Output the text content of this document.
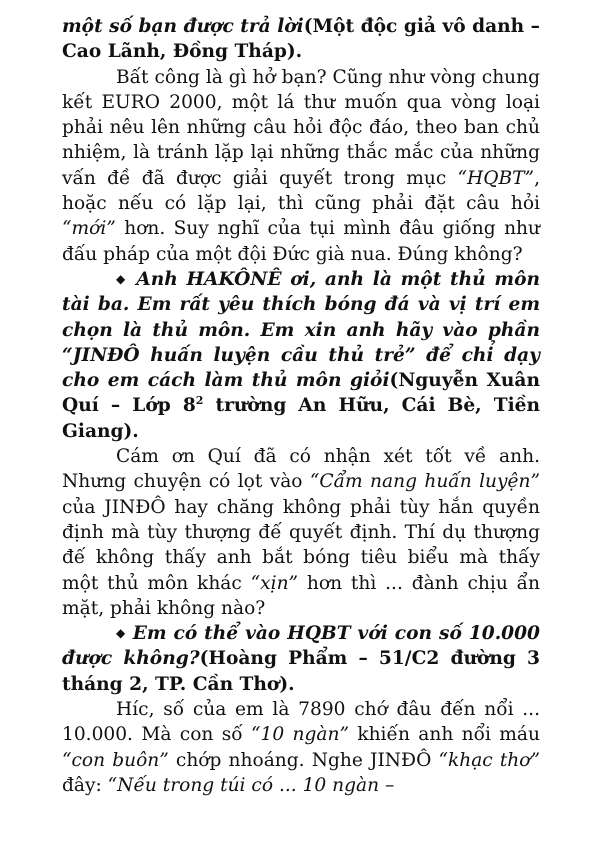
một số bạn được trả lời(Một độc giả vô danh – Cao Lãnh, Đồng Tháp).

Bất công là gì hở bạn? Cũng như vòng chung kết EURO 2000, một lá thư muốn qua vòng loại phải nêu lên những câu hỏi độc đáo, theo ban chủ nhiệm, là tránh lặp lại những thắc mắc của những vấn đề đã được giải quyết trong mục “HQBT”, hoặc nếu có lặp lại, thì cũng phải đặt câu hỏi “mới” hơn. Suy nghĩ của tụi mình đâu giống như đấu pháp của một đội Đức già nua. Đúng không?

◆ Anh HAKÔNÊ ơi, anh là một thủ môn tài ba. Em rất yêu thích bóng đá và vị trí em chọn là thủ môn. Em xin anh hãy vào phần “JINĐÔ huấn luyện cầu thủ trẻ” để chỉ dạy cho em cách làm thủ môn giỏi(Nguyễn Xuân Quí – Lớp $8^2$ trường An Hữu, Cái Bè, Tiền Giang).

Cám ơn Quí đã có nhận xét tốt về anh. Nhưng chuyện có lọt vào “Cẩm nang huấn luyện” của JINĐÔ hay chăng không phải tùy hắn quyền định mà tùy thượng đế quyết định. Thí dụ thượng đế không thấy anh bắt bóng tiêu biểu mà thấy một thủ môn khác “xịn” hơn thì ... đành chịu ẩn mặt, phải không nào?

◆ Em có thể vào HQBT với con số 10.000 được không?(Hoàng Phẩm – 51/C2 đường 3 tháng 2, TP. Cần Thơ).

Híc, số của em là 7890 chớ đâu đến nổi ... 10.000. Mà con số “10 ngàn” khiến anh nổi máu “con buôn” chớp nhoáng. Nghe JINĐÔ “khạc thơ” đây: “Nếu trong túi có ... 10 ngàn –
